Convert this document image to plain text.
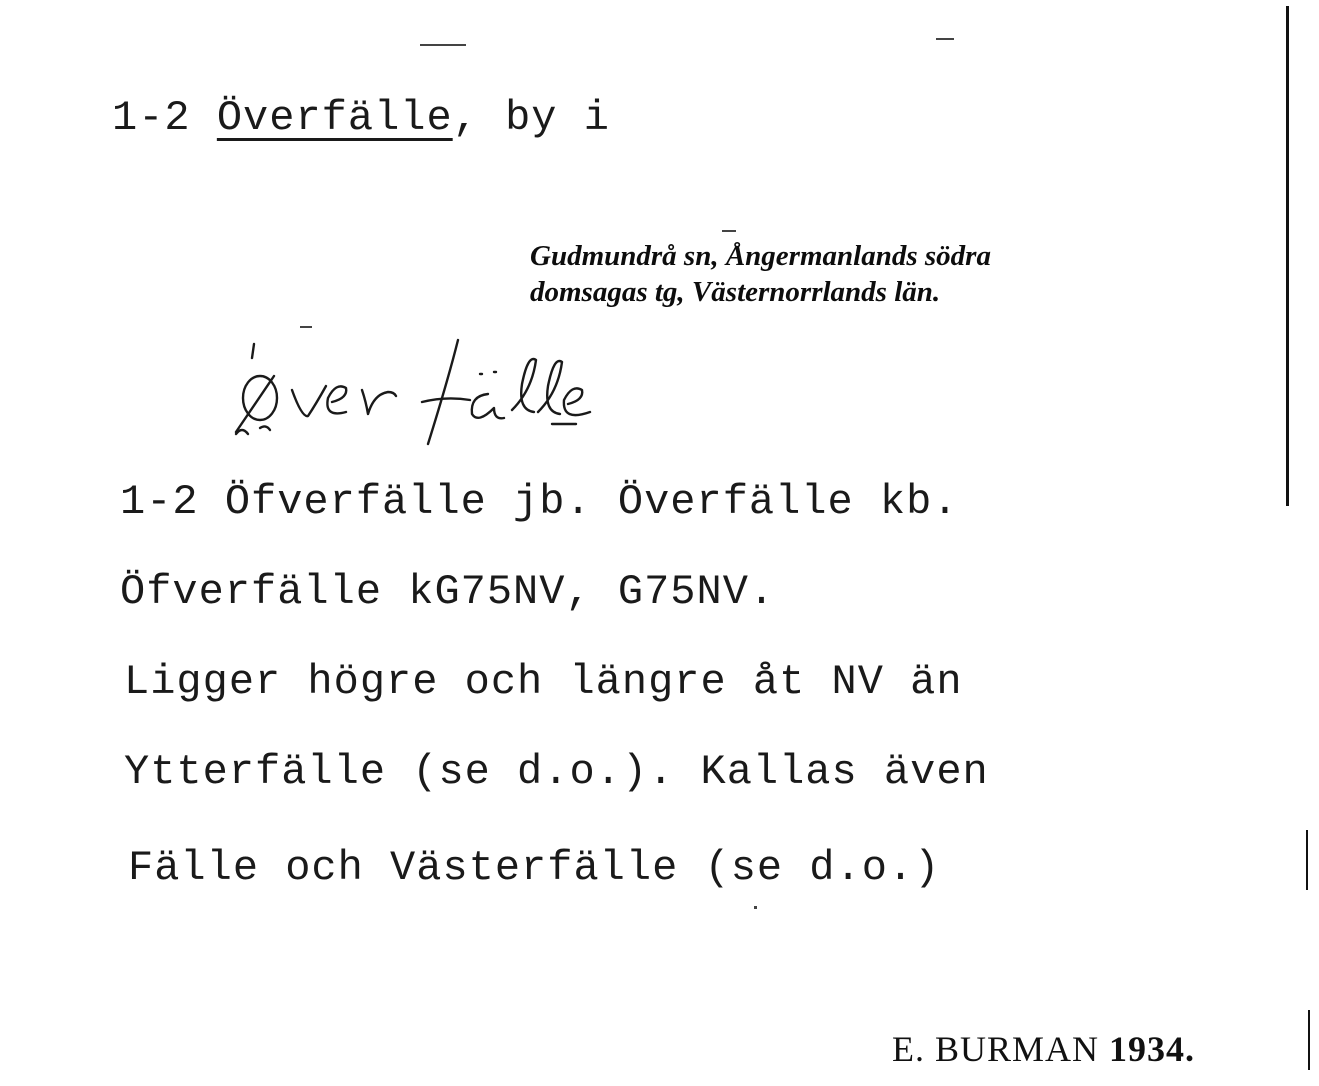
1-2 Överfälle, by i
Gudmundrå sn, Ångermanlands södra
domsagas tg, Västernorrlands län.
1-2 Öfverfälle jb. Överfälle kb.
Öfverfälle kG75NV, G75NV.
Ligger högre och längre åt NV än
Ytterfälle (se d.o.). Kallas även
Fälle och Västerfälle (se d.o.)
E. BURMAN 1934.
